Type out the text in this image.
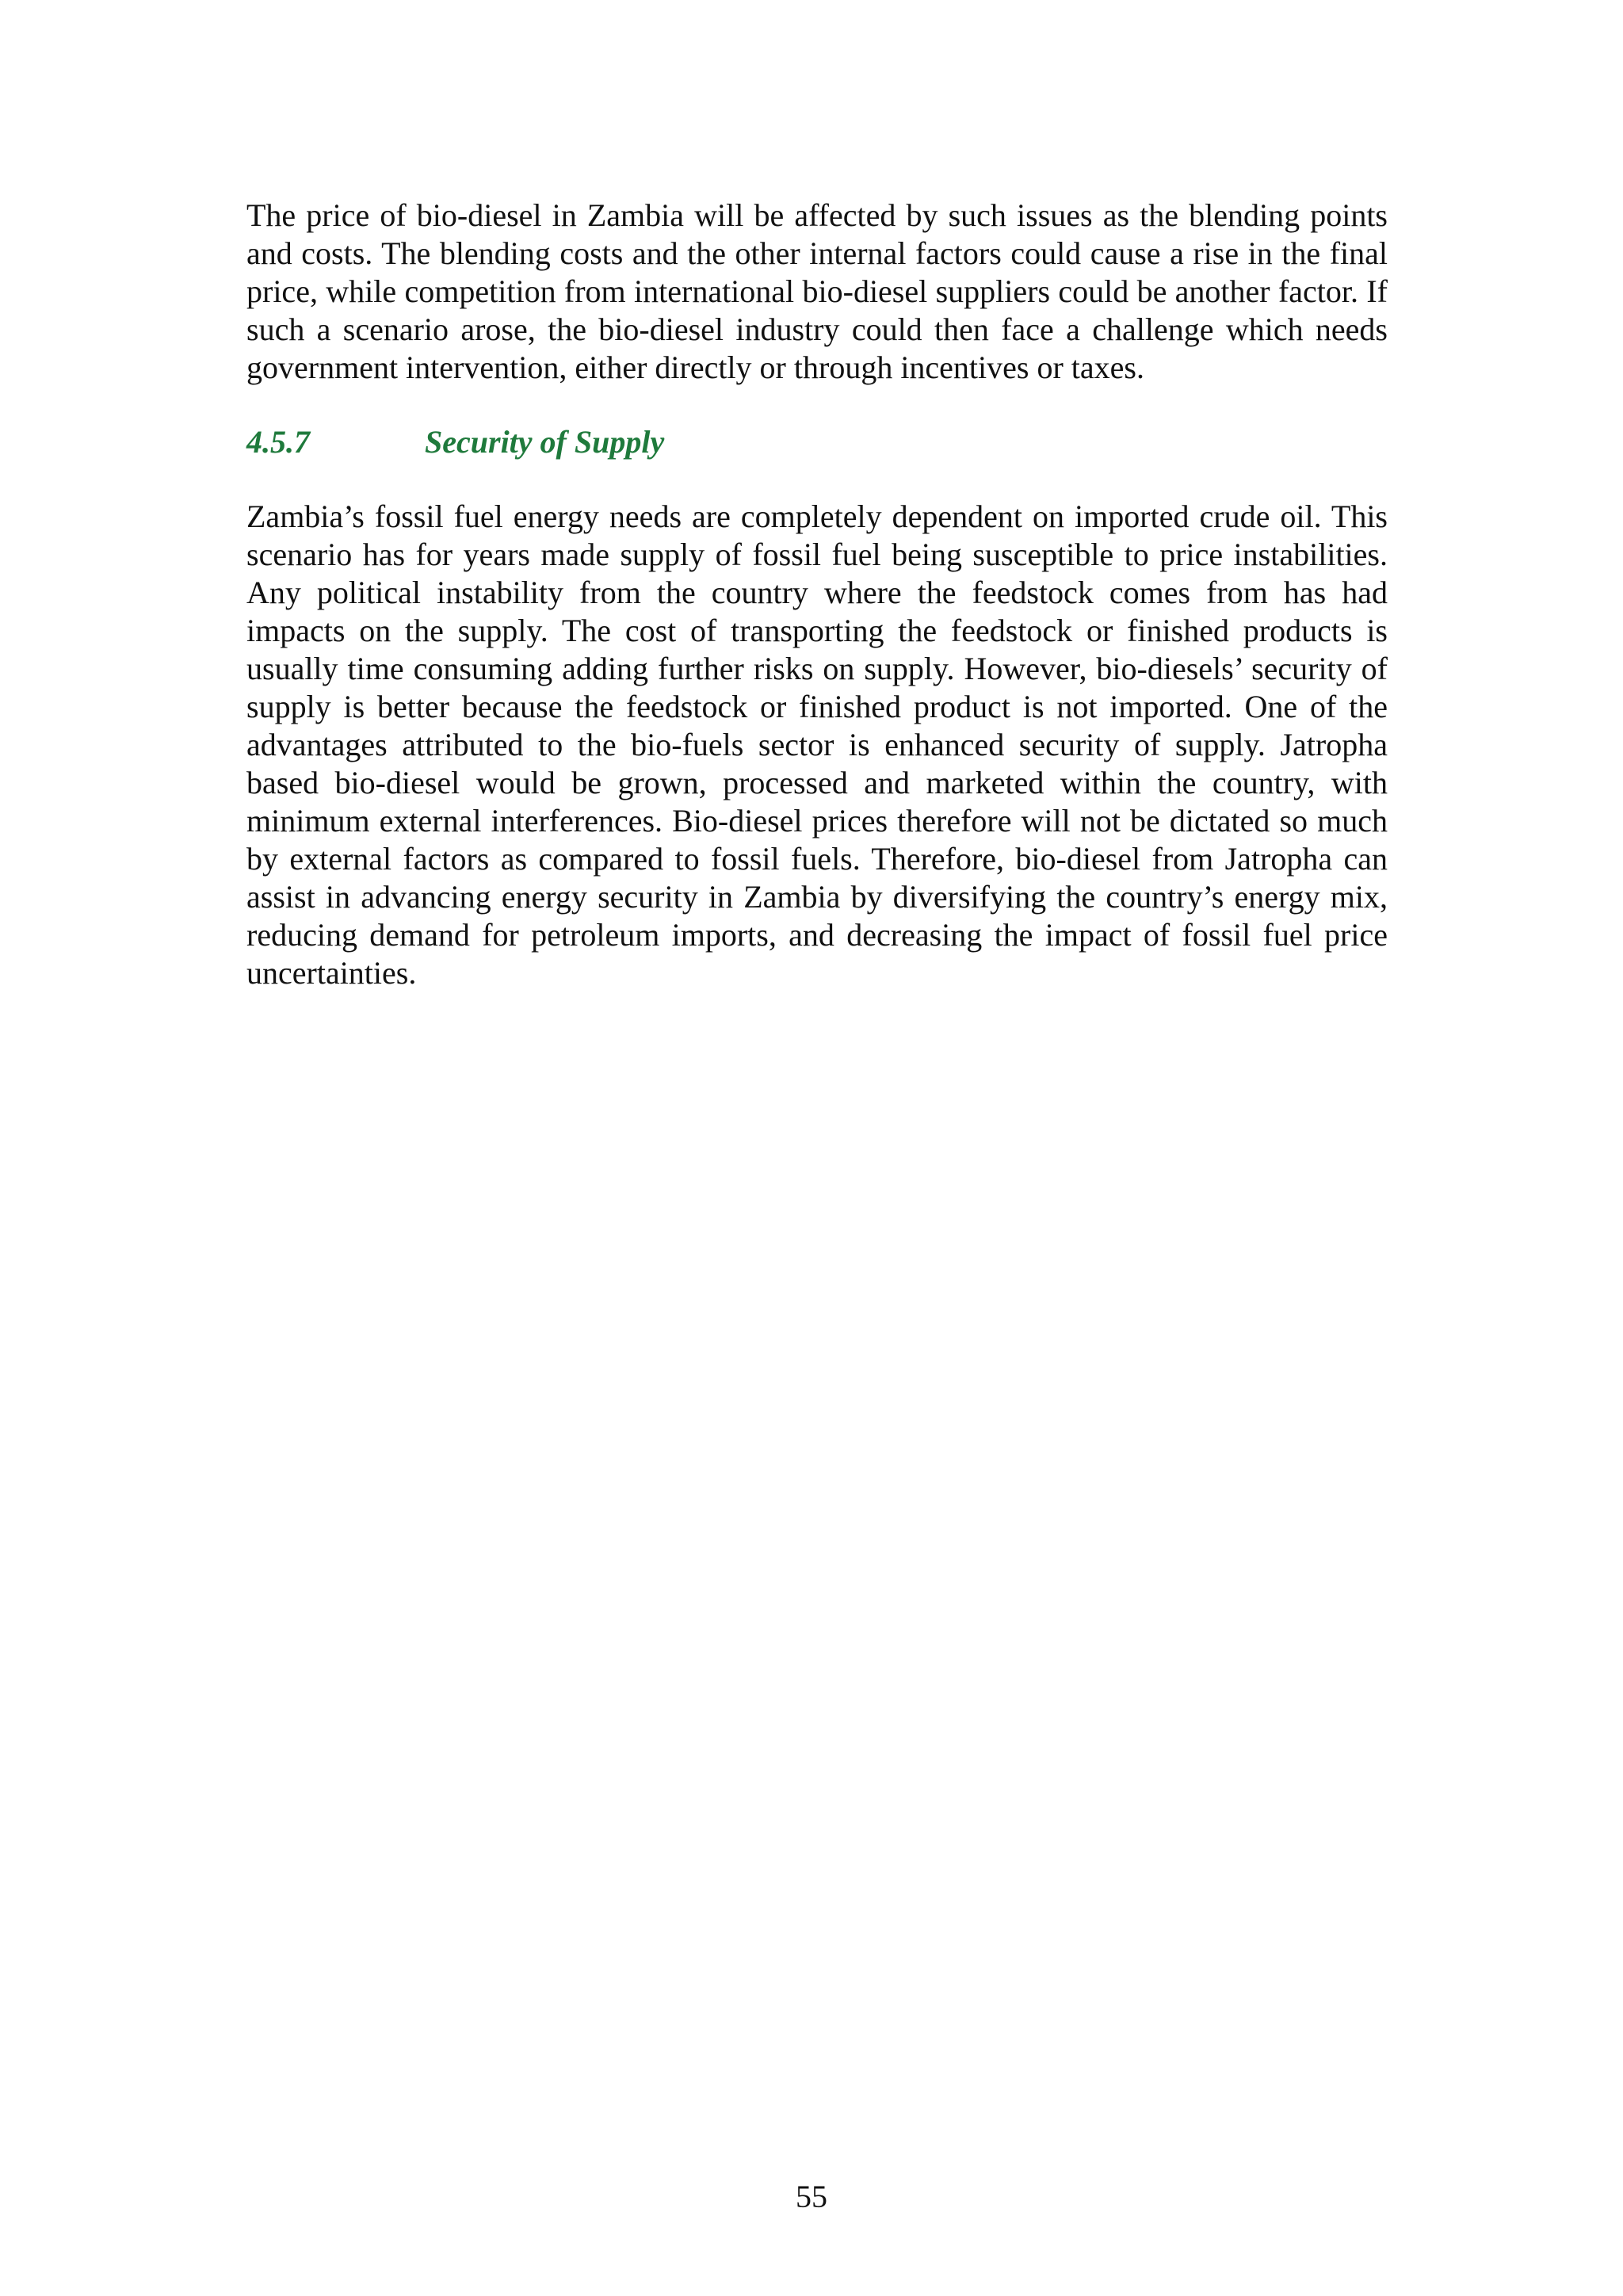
The price of bio-diesel in Zambia will be affected by such issues as the blending points and costs. The blending costs and the other internal factors could cause a rise in the final price, while competition from international bio-diesel suppliers could be another factor. If such a scenario arose, the bio-diesel industry could then face a challenge which needs government intervention, either directly or through incentives or taxes.

4.5.7	Security of Supply

Zambia’s fossil fuel energy needs are completely dependent on imported crude oil. This scenario has for years made supply of fossil fuel being susceptible to price instabilities. Any political instability from the country where the feedstock comes from has had impacts on the supply. The cost of transporting the feedstock or finished products is usually time consuming adding further risks on supply. However, bio-diesels’ security of supply is better because the feedstock or finished product is not imported. One of the advantages attributed to the bio-fuels sector is enhanced security of supply. Jatropha based bio-diesel would be grown, processed and marketed within the country, with minimum external interferences. Bio-diesel prices therefore will not be dictated so much by external factors as compared to fossil fuels. Therefore, bio-diesel from Jatropha can assist in advancing energy security in Zambia by diversifying the country’s energy mix, reducing demand for petroleum imports, and decreasing the impact of fossil fuel price uncertainties.

55
